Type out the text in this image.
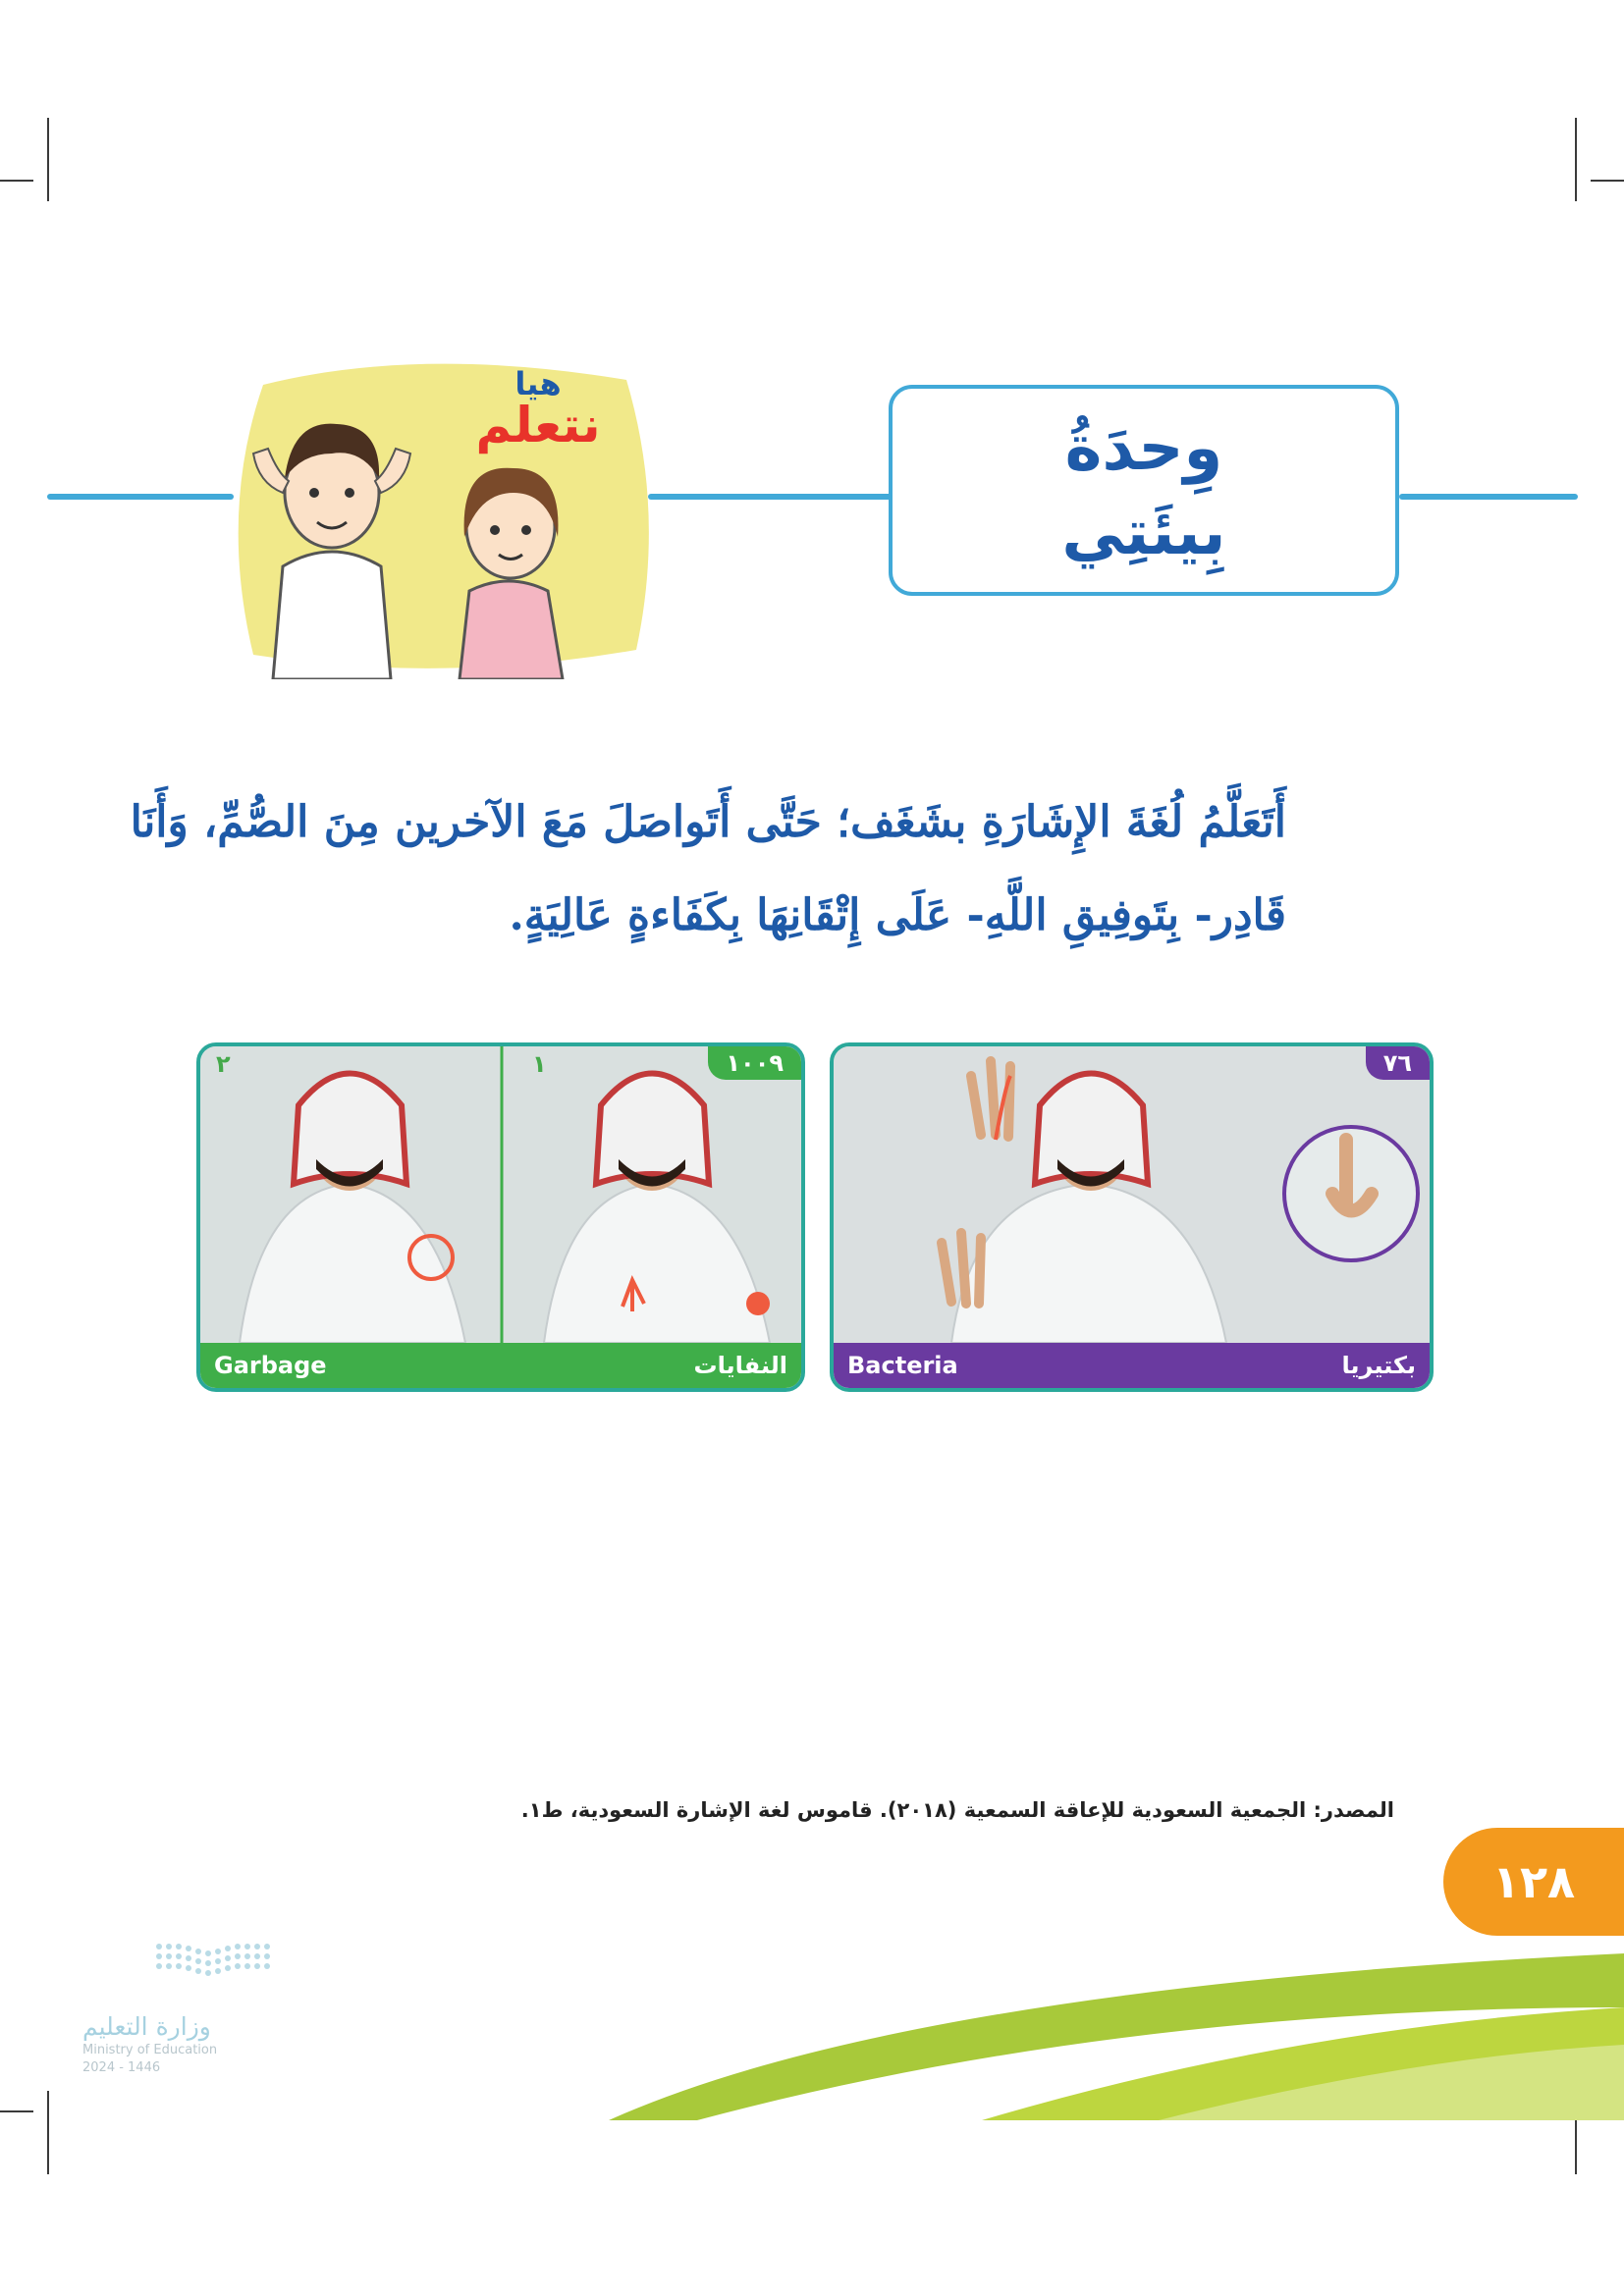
وِحدَةُ
بِيئَتِي
هيا
نتعلم
أَتَعَلَّمُ لُغَةَ الإِشَارَةِ بشَغَف؛ حَتَّى أَتَواصَلَ مَعَ الآخرين مِنَ الصُّمِّ، وَأَنَا
قَادِر- بِتَوفِيقِ اللَّهِ- عَلَى إِتْقَانِهَا بِكَفَاءةٍ عَالِيَةٍ.
٢	١	١٠٠٩
Garbage	النفايات
٧٦
Bacteria	بكتيريا
المصدر: الجمعية السعودية للإعاقة السمعية (٢٠١٨). قاموس لغة الإشارة السعودية، ط١.
١٢٨
وزارة التعليم
Ministry of Education
2024 - 1446
